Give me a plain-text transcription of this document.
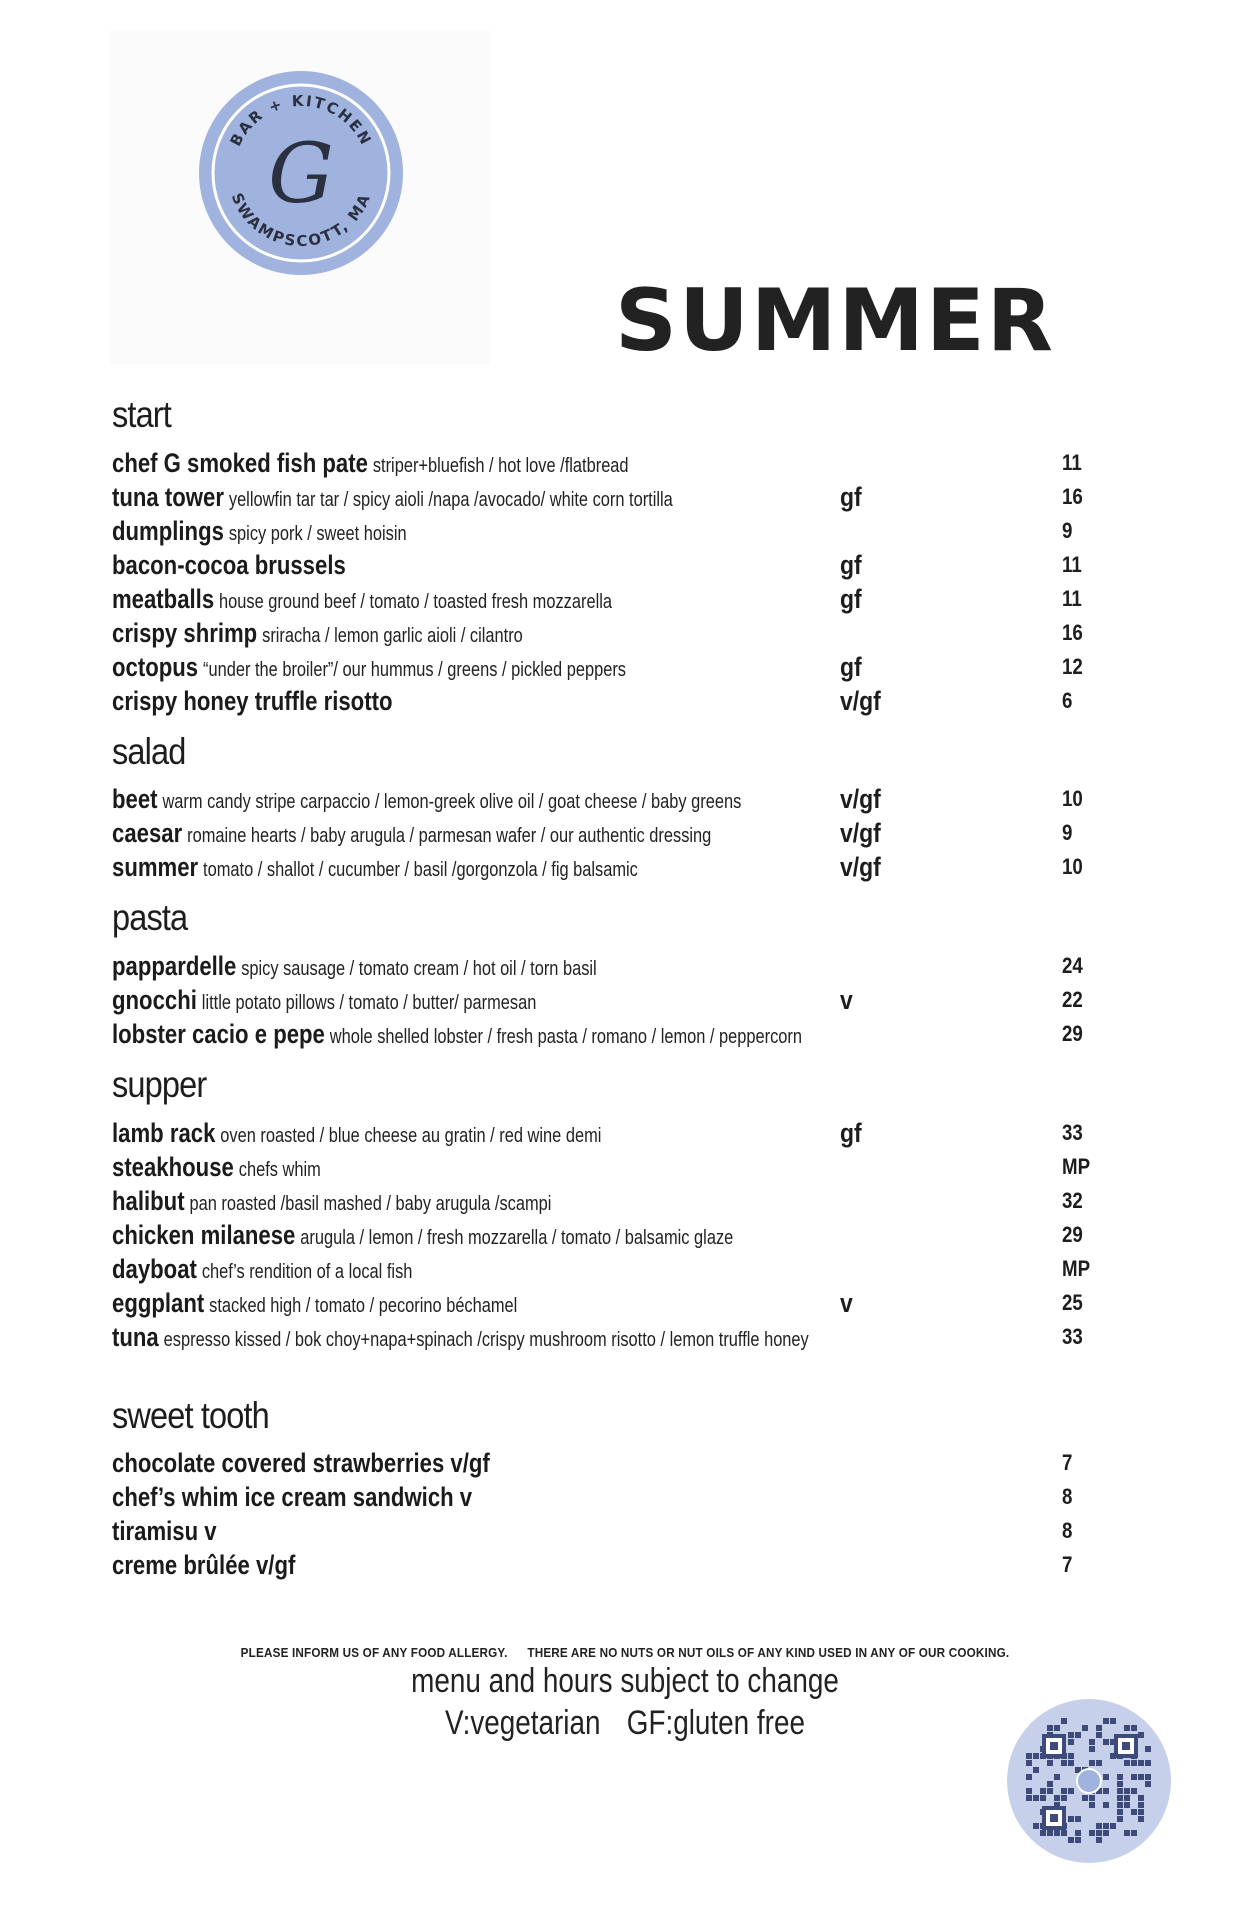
BAR + KITCHEN
SWAMPSCOTT, MA
G
SUMMER
start
chef G smoked fish pate striper+bluefish / hot love /flatbread	11
tuna tower yellowfin tar tar / spicy aioli /napa /avocado/ white corn tortilla	gf	16
dumplings spicy pork / sweet hoisin	9
bacon-cocoa brussels	gf	11
meatballs house ground beef / tomato / toasted fresh mozzarella	gf	11
crispy shrimp sriracha / lemon garlic aioli / cilantro	16
octopus “under the broiler”/ our hummus / greens / pickled peppers	gf	12
crispy honey truffle risotto	v/gf	6
salad
beet warm candy stripe carpaccio / lemon-greek olive oil / goat cheese / baby greens	v/gf	10
caesar romaine hearts / baby arugula / parmesan wafer / our authentic dressing	v/gf	9
summer tomato / shallot / cucumber / basil /gorgonzola / fig balsamic	v/gf	10
pasta
pappardelle spicy sausage / tomato cream / hot oil / torn basil	24
gnocchi little potato pillows / tomato / butter/ parmesan	v	22
lobster cacio e pepe whole shelled lobster / fresh pasta / romano / lemon / peppercorn	29
supper
lamb rack oven roasted / blue cheese au gratin / red wine demi	gf	33
steakhouse chefs whim	MP
halibut pan roasted /basil mashed / baby arugula /scampi	32
chicken milanese arugula / lemon / fresh mozzarella / tomato / balsamic glaze	29
dayboat chef’s rendition of a local fish	MP
eggplant stacked high / tomato / pecorino béchamel	v	25
tuna espresso kissed / bok choy+napa+spinach /crispy mushroom risotto / lemon truffle honey	33
sweet tooth
chocolate covered strawberries v/gf	7
chef’s whim ice cream sandwich v	8
tiramisu v	8
creme brûlée v/gf	7
PLEASE INFORM US OF ANY FOOD ALLERGY. THERE ARE NO NUTS OR NUT OILS OF ANY KIND USED IN ANY OF OUR COOKING.
menu and hours subject to change
V:vegetarian GF:gluten free
